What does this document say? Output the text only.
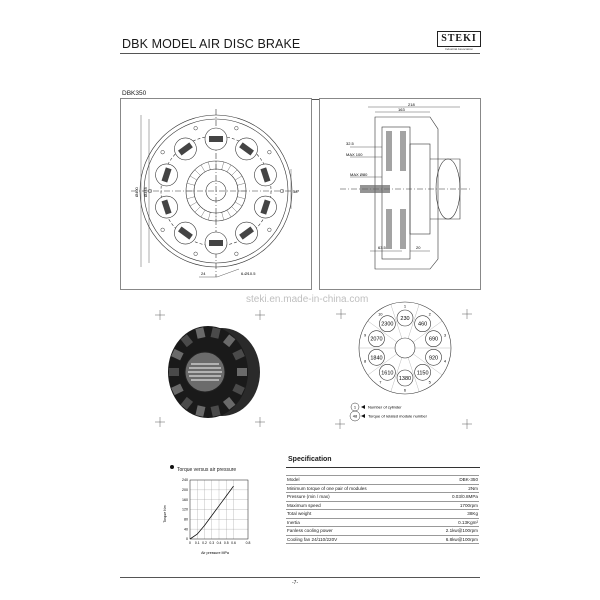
DBK MODEL AIR DISC BRAKE	STEKI
Industrial Association
DBK350
Ø400 Ø378	38°
24	6-Ø10.5
218
163
32.5
MAX 100
MAX Ø80
63.5	20
steki.en.made-in-china.com
230
1
460
2
690
3
920 4
1150
5
1380
6
1610
7
1840
8
2070
9
2300
10
1	Number of cylinder
48	Torque of related module number
Torque versus air pressure
0
40
80
120
160
200
240
0 0.1 0.2 0.3 0.4 0.5 0.6	0.8
Torque Nm
Air pressure MPa
Specification
Model	DBK-350
Minimum torque of one pair of modules	2Nm
Pressure (min / max)	0.03/0.8MPa
Maximum speed	1700rpm
Total weight	38Kg
Inertia	0.13Kgm²
Fanless cooling power	2.1kw@100rpm
Cooling fan 24/110/220V	6.8kw@100rpm
-7-
